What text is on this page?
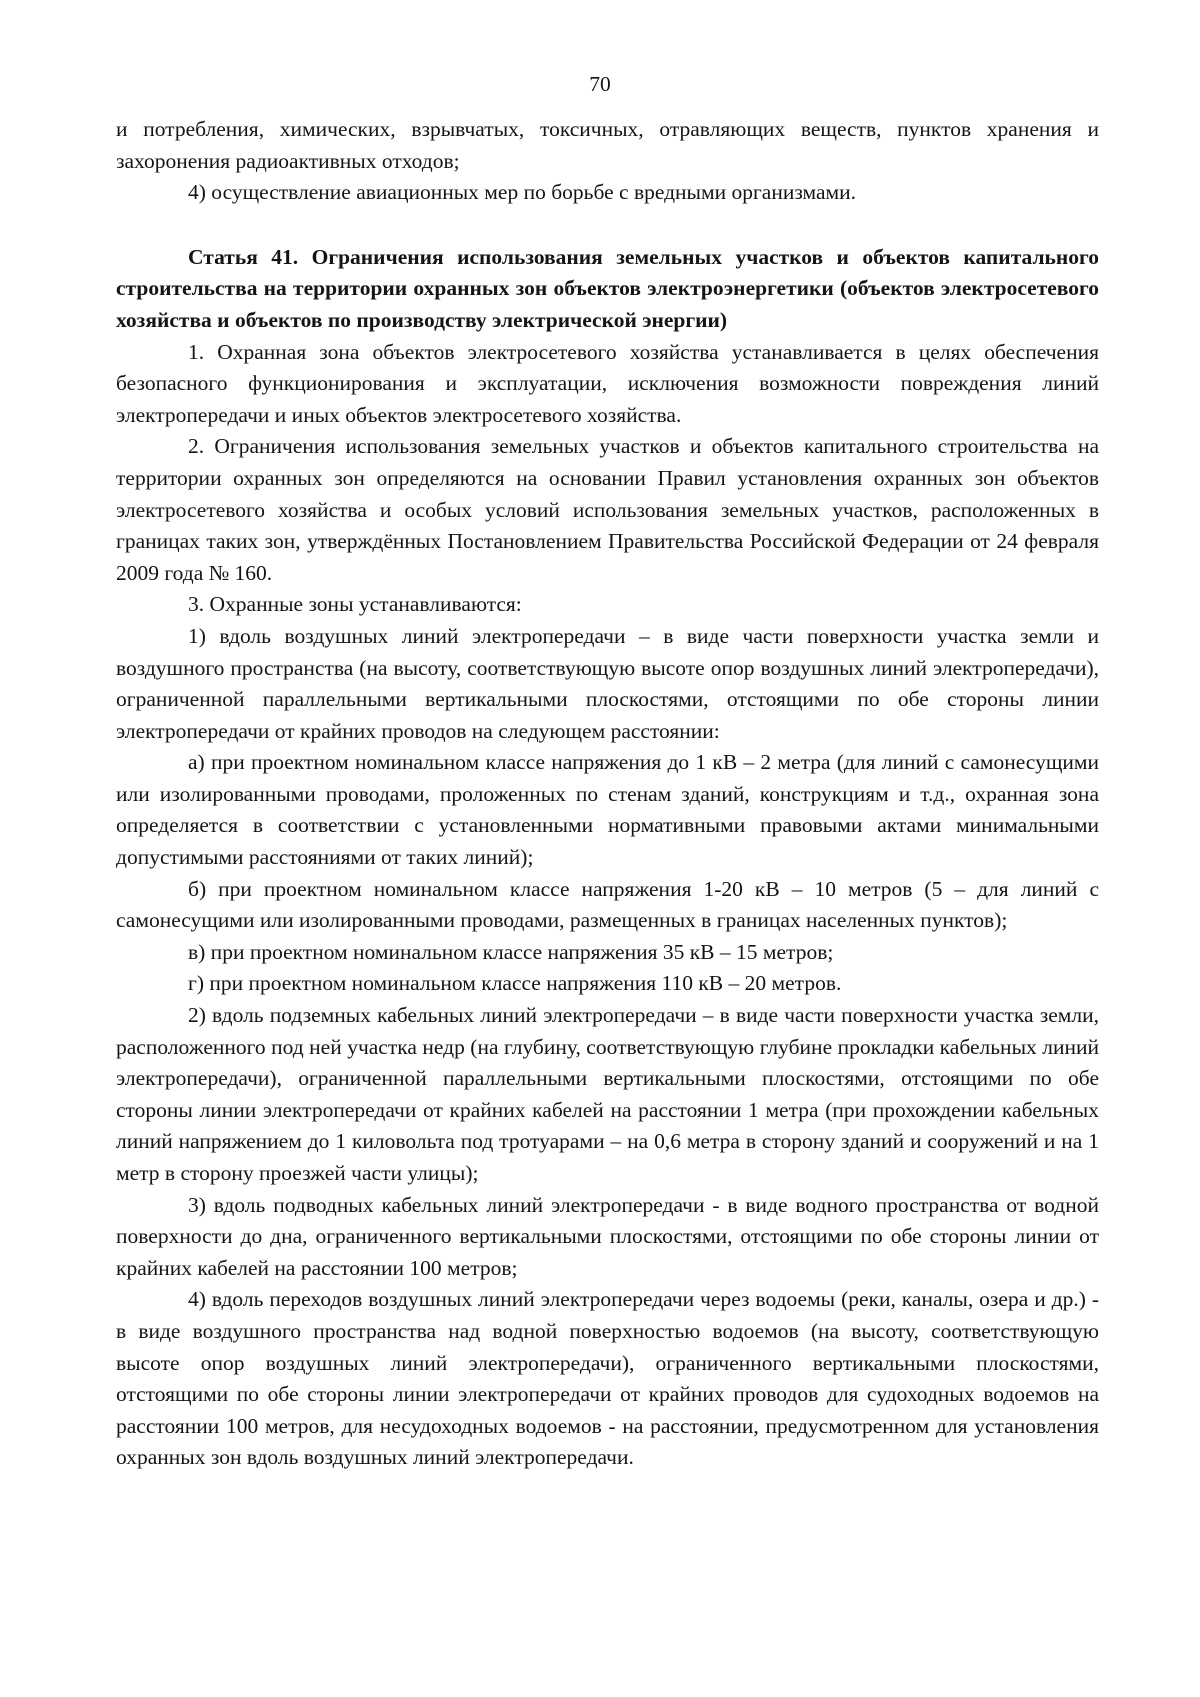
70

и потребления, химических, взрывчатых, токсичных, отравляющих веществ, пунктов хранения и захоронения радиоактивных отходов;

4) осуществление авиационных мер по борьбе с вредными организмами.

Статья 41. Ограничения использования земельных участков и объектов капитального строительства на территории охранных зон объектов электроэнергетики (объектов электросетевого хозяйства и объектов по производству электрической энергии)

1. Охранная зона объектов электросетевого хозяйства устанавливается в целях обеспечения безопасного функционирования и эксплуатации, исключения возможности повреждения линий электропередачи и иных объектов электросетевого хозяйства.

2. Ограничения использования земельных участков и объектов капитального строительства на территории охранных зон определяются на основании Правил установления охранных зон объектов электросетевого хозяйства и особых условий использования земельных участков, расположенных в границах таких зон, утверждённых Постановлением Правительства Российской Федерации от 24 февраля 2009 года № 160.

3. Охранные зоны устанавливаются:

1) вдоль воздушных линий электропередачи – в виде части поверхности участка земли и воздушного пространства (на высоту, соответствующую высоте опор воздушных линий электропередачи), ограниченной параллельными вертикальными плоскостями, отстоящими по обе стороны линии электропередачи от крайних проводов на следующем расстоянии:

а) при проектном номинальном классе напряжения до 1 кВ – 2 метра (для линий с самонесущими или изолированными проводами, проложенных по стенам зданий, конструкциям и т.д., охранная зона определяется в соответствии с установленными нормативными правовыми актами минимальными допустимыми расстояниями от таких линий);

б) при проектном номинальном классе напряжения 1-20 кВ – 10 метров (5 – для линий с самонесущими или изолированными проводами, размещенных в границах населенных пунктов);

в) при проектном номинальном классе напряжения 35 кВ – 15 метров;

г) при проектном номинальном классе напряжения 110 кВ – 20 метров.

2) вдоль подземных кабельных линий электропередачи – в виде части поверхности участка земли, расположенного под ней участка недр (на глубину, соответствующую глубине прокладки кабельных линий электропередачи), ограниченной параллельными вертикальными плоскостями, отстоящими по обе стороны линии электропередачи от крайних кабелей на расстоянии 1 метра (при прохождении кабельных линий напряжением до 1 киловольта под тротуарами – на 0,6 метра в сторону зданий и сооружений и на 1 метр в сторону проезжей части улицы);

3) вдоль подводных кабельных линий электропередачи - в виде водного пространства от водной поверхности до дна, ограниченного вертикальными плоскостями, отстоящими по обе стороны линии от крайних кабелей на расстоянии 100 метров;

4) вдоль переходов воздушных линий электропередачи через водоемы (реки, каналы, озера и др.) - в виде воздушного пространства над водной поверхностью водоемов (на высоту, соответствующую высоте опор воздушных линий электропередачи), ограниченного вертикальными плоскостями, отстоящими по обе стороны линии электропередачи от крайних проводов для судоходных водоемов на расстоянии 100 метров, для несудоходных водоемов - на расстоянии, предусмотренном для установления охранных зон вдоль воздушных линий электропередачи.
